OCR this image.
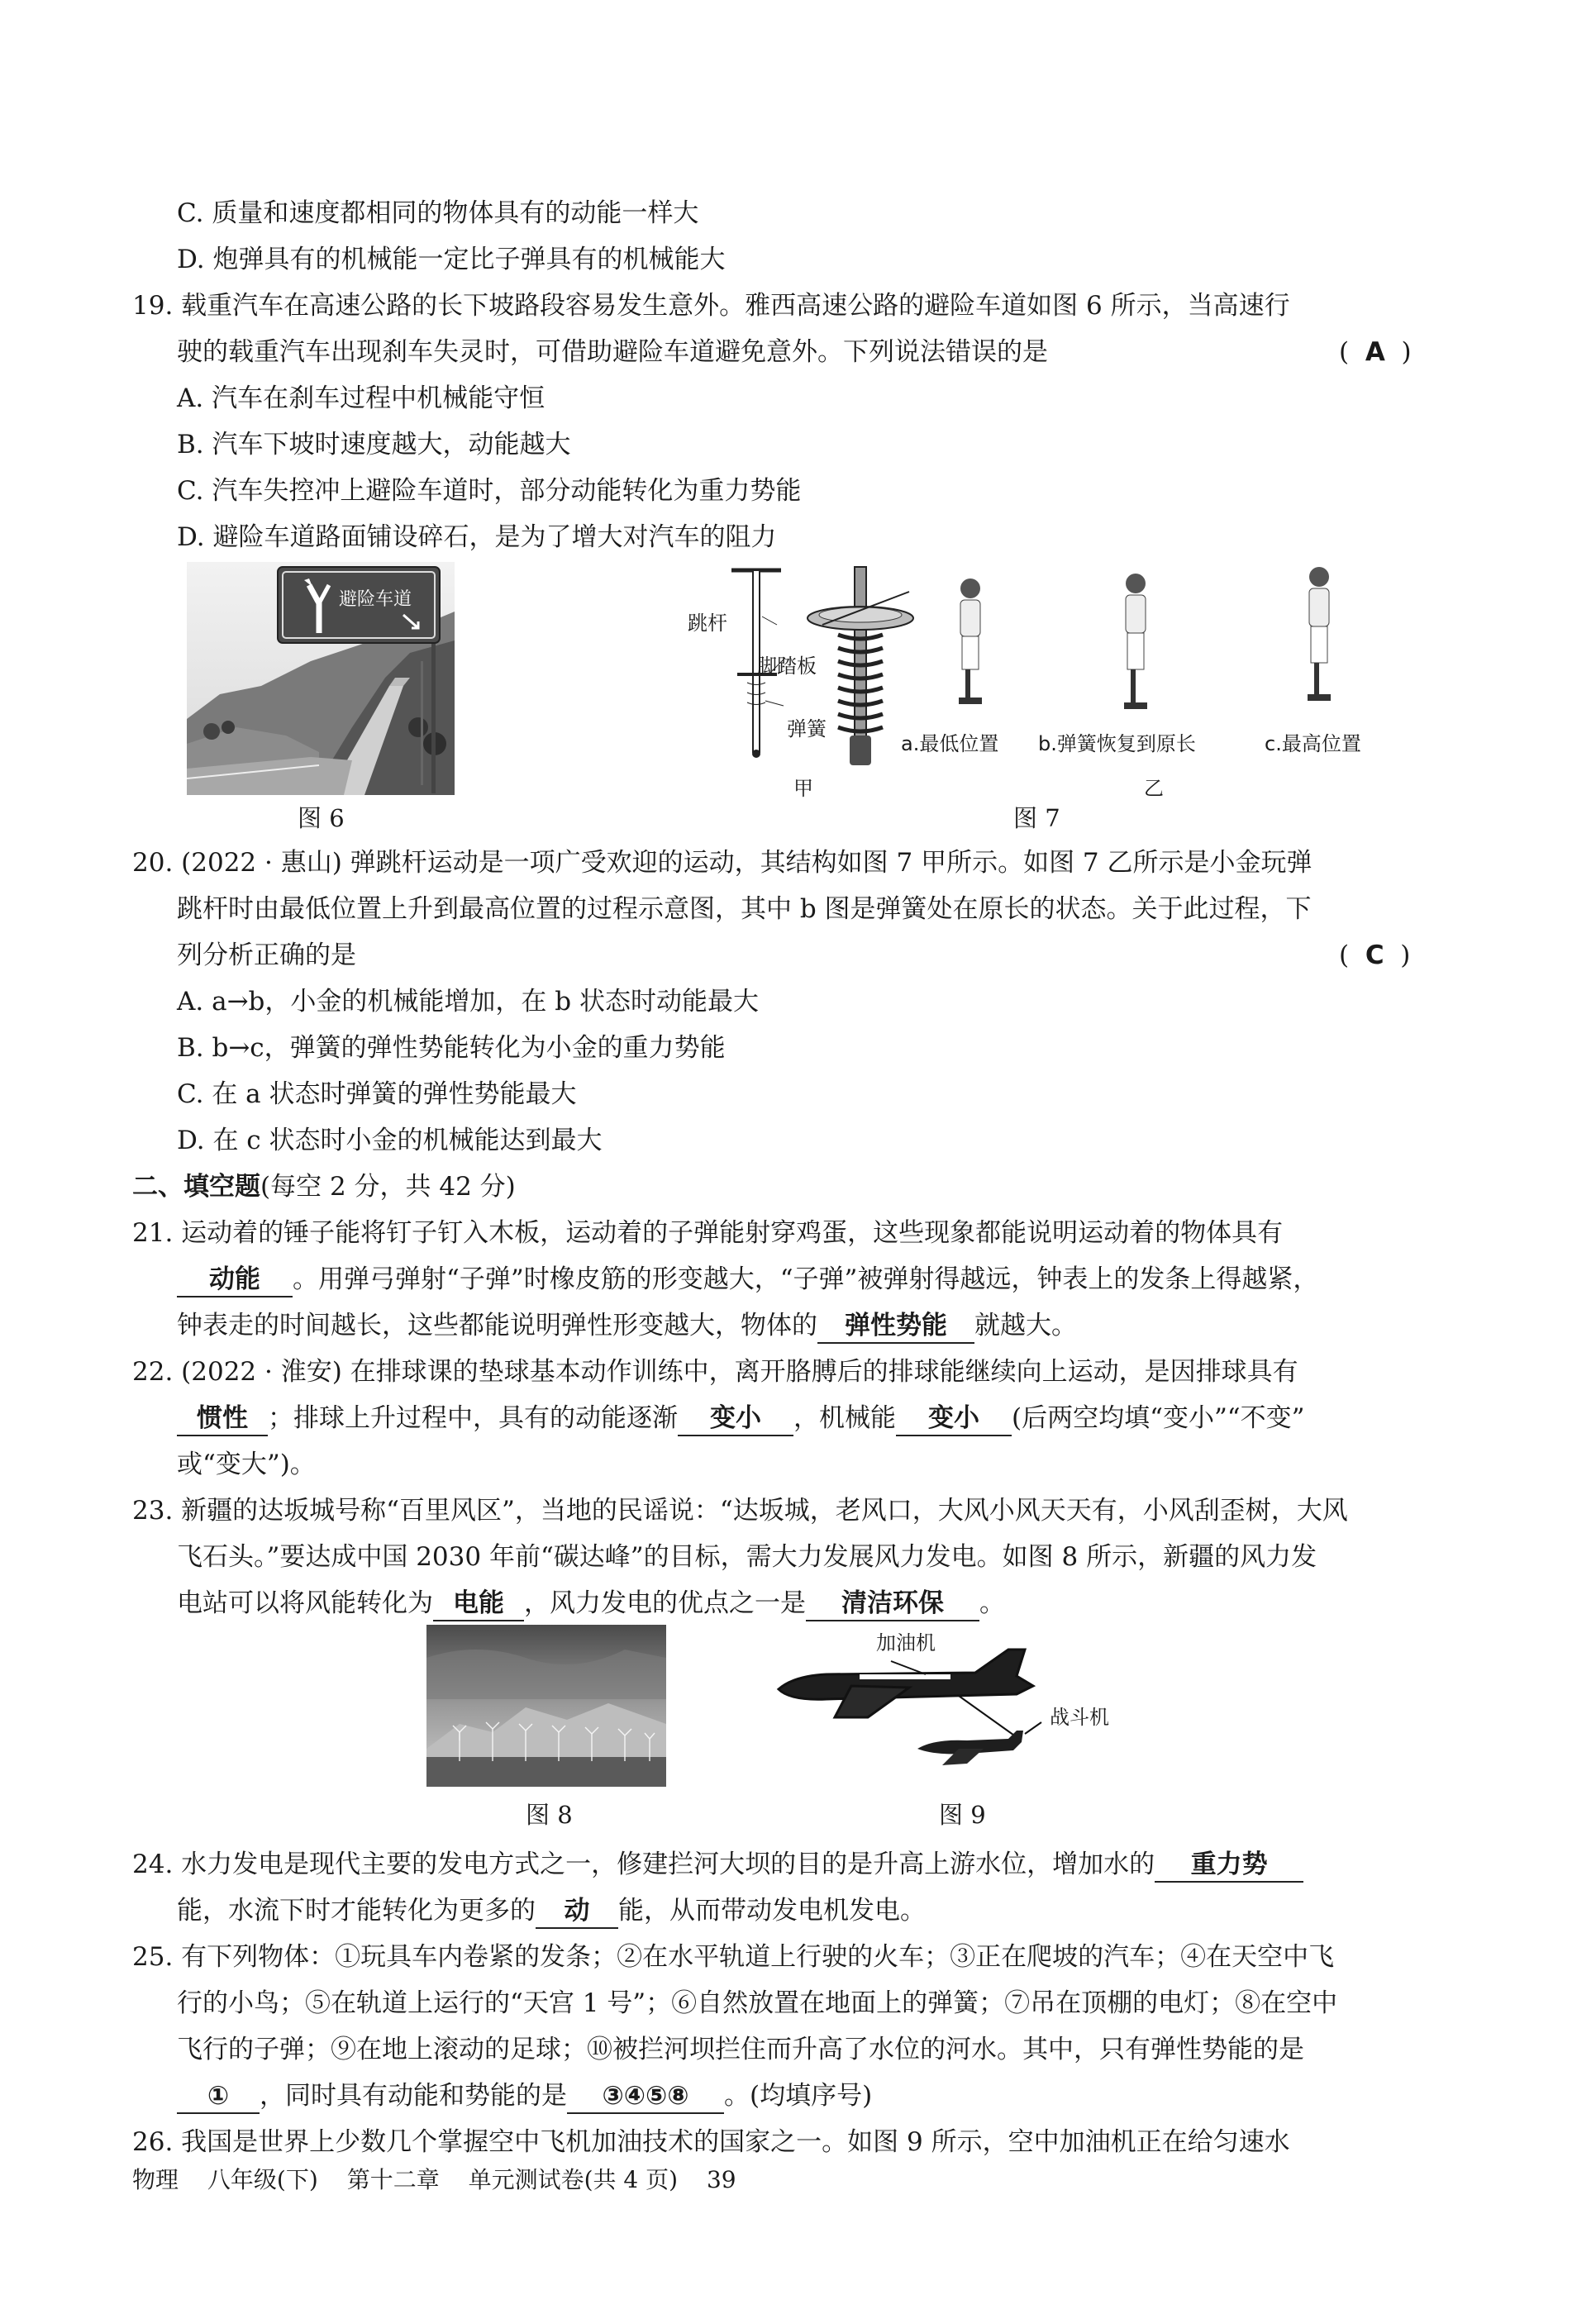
C. 质量和速度都相同的物体具有的动能一样大
D. 炮弹具有的机械能一定比子弹具有的机械能大
19. 载重汽车在高速公路的长下坡路段容易发生意外。雅西高速公路的避险车道如图 6 所示，当高速行
驶的载重汽车出现刹车失灵时，可借助避险车道避免意外。下列说法错误的是	(  A  )
A. 汽车在刹车过程中机械能守恒
B. 汽车下坡时速度越大，动能越大
C. 汽车失控冲上避险车道时，部分动能转化为重力势能
D. 避险车道路面铺设碎石，是为了增大对汽车的阻力
避险车道
图 6
跳杆
脚踏板
弹簧
甲
a.最低位置 b.弹簧恢复到原长	c.最高位置
乙
图 7
20. (2022 · 惠山) 弹跳杆运动是一项广受欢迎的运动，其结构如图 7 甲所示。如图 7 乙所示是小金玩弹
跳杆时由最低位置上升到最高位置的过程示意图，其中 b 图是弹簧处在原长的状态。关于此过程，下
列分析正确的是	(  C  )
A. a→b，小金的机械能增加，在 b 状态时动能最大
B. b→c，弹簧的弹性势能转化为小金的重力势能
C. 在 a 状态时弹簧的弹性势能最大
D. 在 c 状态时小金的机械能达到最大
二、填空题(每空 2 分，共 42 分)
21. 运动着的锤子能将钉子钉入木板，运动着的子弹能射穿鸡蛋，这些现象都能说明运动着的物体具有
动能 。用弹弓弹射“子弹”时橡皮筋的形变越大，“子弹”被弹射得越远，钟表上的发条上得越紧，
钟表走的时间越长，这些都能说明弹性形变越大，物体的 弹性势能 就越大。
22. (2022 · 淮安) 在排球课的垫球基本动作训练中，离开胳膊后的排球能继续向上运动，是因排球具有
惯性 ；排球上升过程中，具有的动能逐渐 变小 ，机械能 变小 (后两空均填“变小”“不变”
或“变大”)。
23. 新疆的达坂城号称“百里风区”，当地的民谣说：“达坂城，老风口，大风小风天天有，小风刮歪树，大风
飞石头。”要达成中国 2030 年前“碳达峰”的目标，需大力发展风力发电。如图 8 所示，新疆的风力发
电站可以将风能转化为 电能 ，风力发电的优点之一是 清洁环保 。
图 8
加油机
战斗机
图 9
24. 水力发电是现代主要的发电方式之一，修建拦河大坝的目的是升高上游水位，增加水的 重力势
能，水流下时才能转化为更多的 动 能，从而带动发电机发电。
25. 有下列物体：①玩具车内卷紧的发条；②在水平轨道上行驶的火车；③正在爬坡的汽车；④在天空中飞
行的小鸟；⑤在轨道上运行的“天宫 1 号”；⑥自然放置在地面上的弹簧；⑦吊在顶棚的电灯；⑧在空中
飞行的子弹；⑨在地上滚动的足球；⑩被拦河坝拦住而升高了水位的河水。其中，只有弹性势能的是
① ，同时具有动能和势能的是 ③④⑤⑧ 。(均填序号)
26. 我国是世界上少数几个掌握空中飞机加油技术的国家之一。如图 9 所示，空中加油机正在给匀速水
物理 八年级(下) 第十二章 单元测试卷(共 4 页) 39
